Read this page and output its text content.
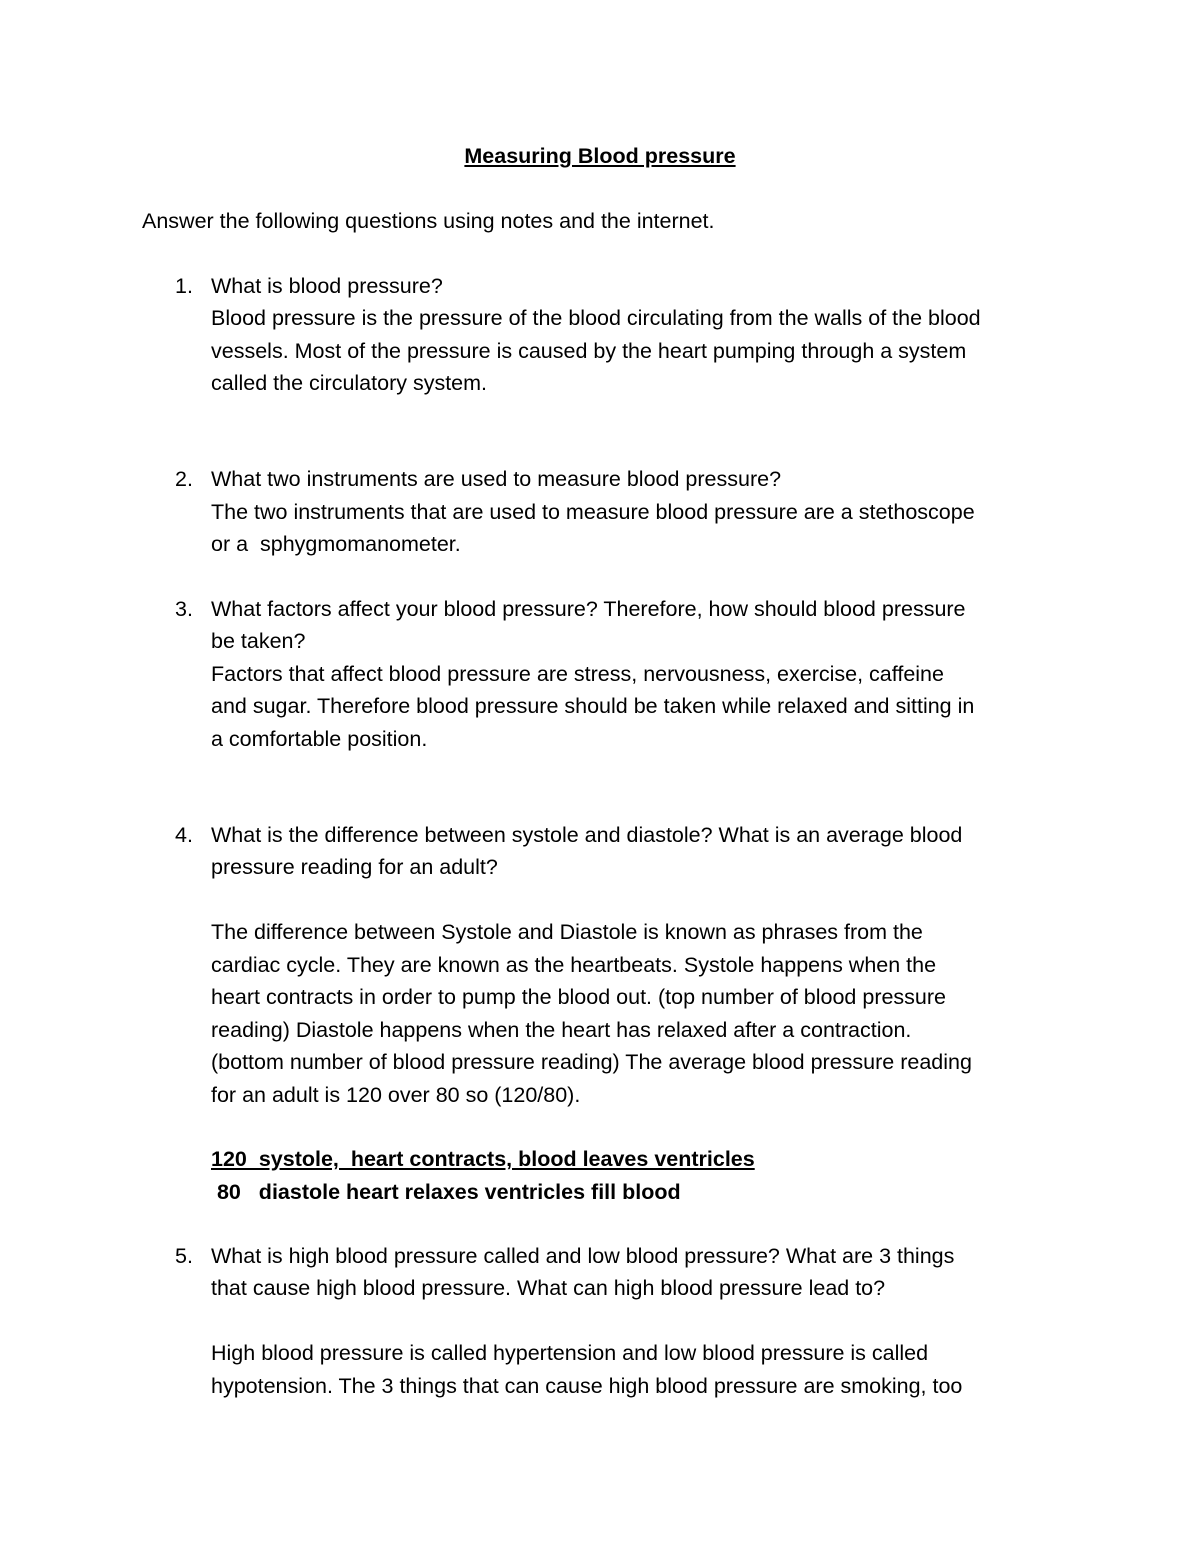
Measuring Blood pressure
Answer the following questions using notes and the internet.
1. What is blood pressure?
Blood pressure is the pressure of the blood circulating from the walls of the blood
vessels. Most of the pressure is caused by the heart pumping through a system
called the circulatory system.
2. What two instruments are used to measure blood pressure?
The two instruments that are used to measure blood pressure are a stethoscope
or a  sphygmomanometer.
3. What factors affect your blood pressure? Therefore, how should blood pressure
be taken?
Factors that affect blood pressure are stress, nervousness, exercise, caffeine
and sugar. Therefore blood pressure should be taken while relaxed and sitting in
a comfortable position.
4. What is the difference between systole and diastole? What is an average blood
pressure reading for an adult?
The difference between Systole and Diastole is known as phrases from the
cardiac cycle. They are known as the heartbeats. Systole happens when the
heart contracts in order to pump the blood out. (top number of blood pressure
reading) Diastole happens when the heart has relaxed after a contraction.
(bottom number of blood pressure reading) The average blood pressure reading
for an adult is 120 over 80 so (120/80).
120  systole,  heart contracts, blood leaves ventricles
80   diastole heart relaxes ventricles fill blood
5. What is high blood pressure called and low blood pressure? What are 3 things
that cause high blood pressure. What can high blood pressure lead to?
High blood pressure is called hypertension and low blood pressure is called
hypotension. The 3 things that can cause high blood pressure are smoking, too
